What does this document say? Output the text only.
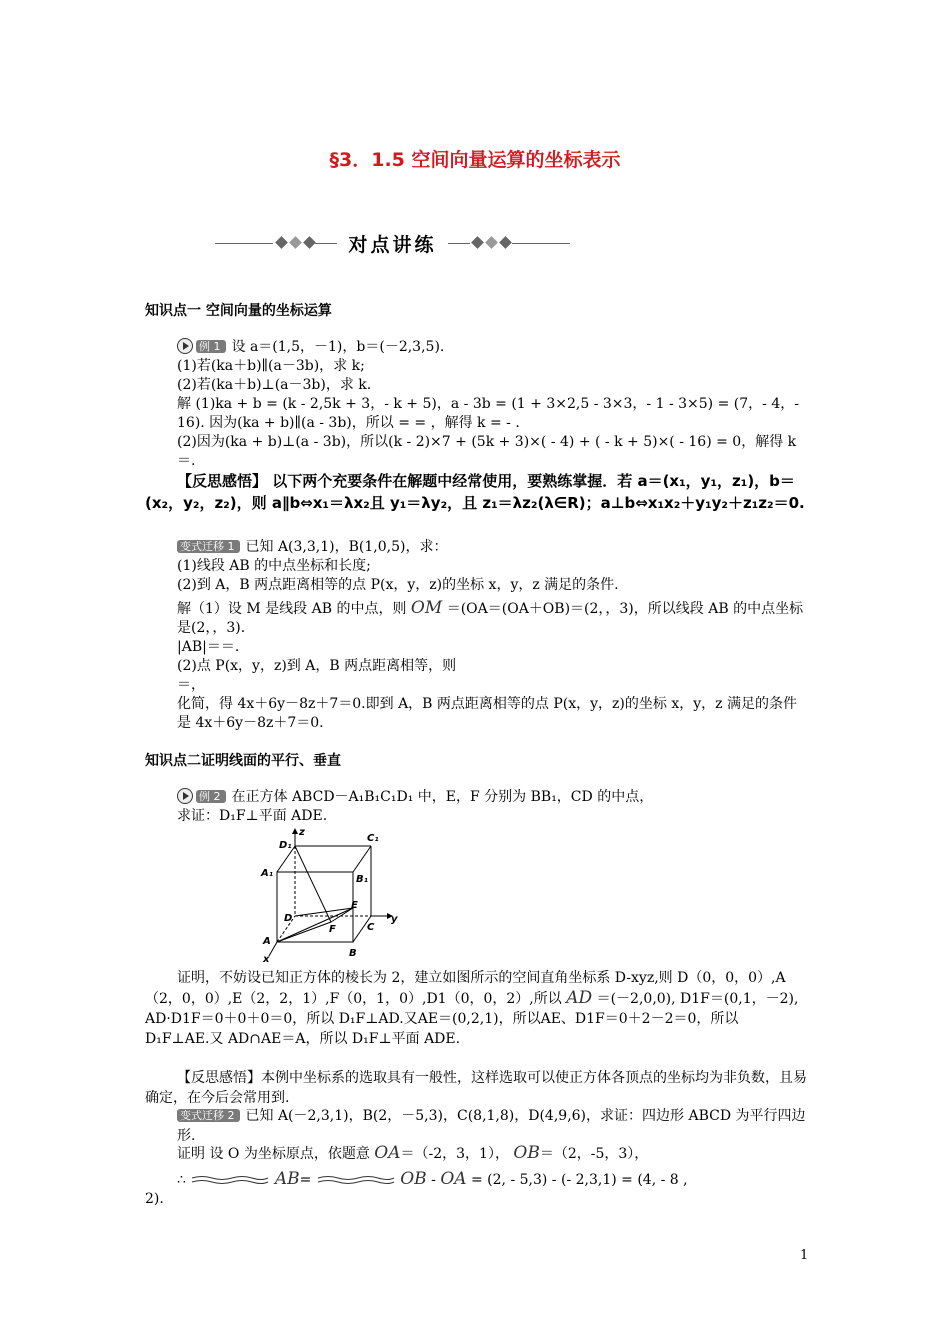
§3．1.5 空间向量运算的坐标表示
对点讲练
知识点一 空间向量的坐标运算
例 1 设 a＝(1,5，－1)，b＝(－2,3,5).
(1)若(ka＋b)∥(a－3b)，求 k;
(2)若(ka＋b)⊥(a－3b)，求 k.
解 (1)ka + b = (k - 2,5k + 3，- k + 5)，a - 3b = (1 + 3×2,5 - 3×3，- 1 - 3×5) = (7，- 4，- 16). 因为(ka + b)∥(a - 3b)，所以 = = ，解得 k = - .
(2)因为(ka + b)⊥(a - 3b)，所以(k - 2)×7 + (5k + 3)×( - 4) + ( - k + 5)×( - 16) = 0，解得 k ＝.
【反思感悟】 以下两个充要条件在解题中经常使用，要熟练掌握．若 a＝(x₁，y₁，z₁)，b＝(x₂，y₂，z₂)，则 a∥b⇔x₁＝λx₂且 y₁＝λy₂，且 z₁＝λz₂(λ∈R)；a⊥b⇔x₁x₂＋y₁y₂＋z₁z₂＝0.
变式迁移 1 已知 A(3,3,1)，B(1,0,5)，求：
(1)线段 AB 的中点坐标和长度;
(2)到 A，B 两点距离相等的点 P(x，y，z)的坐标 x，y，z 满足的条件.
解（1）设 M 是线段 AB 的中点，则 OM ＝(OA＝(OA＋OB)＝(2，，3)，所以线段 AB 的中点坐标是(2，，3).
|AB|＝＝.
(2)点 P(x，y，z)到 A，B 两点距离相等，则
＝，
化简，得 4x＋6y－8z＋7＝0.即到 A，B 两点距离相等的点 P(x，y，z)的坐标 x，y，z 满足的条件是 4x＋6y－8z＋7＝0.
知识点二证明线面的平行、垂直
例 2 在正方体 ABCD－A₁B₁C₁D₁ 中，E，F 分别为 BB₁，CD 的中点，
求证：D₁F⊥平面 ADE.
z
D₁
C₁
A₁
B₁
D
E
y
F	C
A
B
x
证明，不妨设已知正方体的棱长为 2，建立如图所示的空间直角坐标系 D-xyz,则 D（0，0，0）,A（2，0，0）,E（2，2，1）,F（0，1，0）,D1（0，0，2）,所以 AD ＝(－2,0,0), D1F＝(0,1，－2), AD·D1F＝0＋0＋0＝0，所以 D₁F⊥AD.又AE＝(0,2,1)，所以AE、D1F＝0＋2－2＝0，所以 D₁F⊥AE.又 AD∩AE＝A，所以 D₁F⊥平面 ADE.
【反思感悟】本例中坐标系的选取具有一般性，这样选取可以使正方体各顶点的坐标均为非负数，且易确定，在今后会常用到.
变式迁移 2 已知 A(－2,3,1)，B(2，－5,3)，C(8,1,8)，D(4,9,6)，求证：四边形 ABCD 为平行四边形.
证明 设 O 为坐标原点，依题意 OA＝（-2，3，1）， OB＝（2，-5，3），
∴	AB=	OB - OA = (2, - 5,3) - (- 2,3,1) = (4, - 8 ,
2).
1
